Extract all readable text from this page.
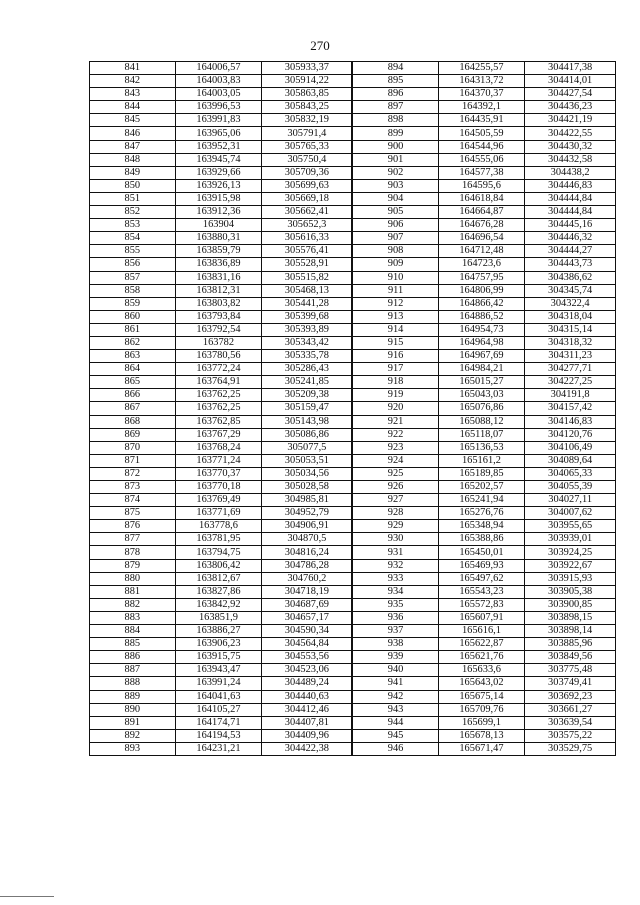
270
841	164006,57	305933,37	894	164255,57	304417,38
842	164003,83	305914,22	895	164313,72	304414,01
843	164003,05	305863,85	896	164370,37	304427,54
844	163996,53	305843,25	897	164392,1	304436,23
845	163991,83	305832,19	898	164435,91	304421,19
846	163965,06	305791,4	899	164505,59	304422,55
847	163952,31	305765,33	900	164544,96	304430,32
848	163945,74	305750,4	901	164555,06	304432,58
849	163929,66	305709,36	902	164577,38	304438,2
850	163926,13	305699,63	903	164595,6	304446,83
851	163915,98	305669,18	904	164618,84	304444,84
852	163912,36	305662,41	905	164664,87	304444,84
853	163904	305652,3	906	164676,28	304445,16
854	163880,31	305616,33	907	164696,54	304446,32
855	163859,79	305576,41	908	164712,48	304444,27
856	163836,89	305528,91	909	164723,6	304443,73
857	163831,16	305515,82	910	164757,95	304386,62
858	163812,31	305468,13	911	164806,99	304345,74
859	163803,82	305441,28	912	164866,42	304322,4
860	163793,84	305399,68	913	164886,52	304318,04
861	163792,54	305393,89	914	164954,73	304315,14
862	163782	305343,42	915	164964,98	304318,32
863	163780,56	305335,78	916	164967,69	304311,23
864	163772,24	305286,43	917	164984,21	304277,71
865	163764,91	305241,85	918	165015,27	304227,25
866	163762,25	305209,38	919	165043,03	304191,8
867	163762,25	305159,47	920	165076,86	304157,42
868	163762,85	305143,98	921	165088,12	304146,83
869	163767,29	305086,86	922	165118,07	304120,76
870	163768,24	305077,5	923	165136,53	304106,49
871	163771,24	305053,51	924	165161,2	304089,64
872	163770,37	305034,56	925	165189,85	304065,33
873	163770,18	305028,58	926	165202,57	304055,39
874	163769,49	304985,81	927	165241,94	304027,11
875	163771,69	304952,79	928	165276,76	304007,62
876	163778,6	304906,91	929	165348,94	303955,65
877	163781,95	304870,5	930	165388,86	303939,01
878	163794,75	304816,24	931	165450,01	303924,25
879	163806,42	304786,28	932	165469,93	303922,67
880	163812,67	304760,2	933	165497,62	303915,93
881	163827,86	304718,19	934	165543,23	303905,38
882	163842,92	304687,69	935	165572,83	303900,85
883	163851,9	304657,17	936	165607,91	303898,15
884	163886,27	304590,34	937	165616,1	303898,14
885	163906,23	304564,84	938	165622,87	303885,96
886	163915,75	304553,56	939	165621,76	303849,56
887	163943,47	304523,06	940	165633,6	303775,48
888	163991,24	304489,24	941	165643,02	303749,41
889	164041,63	304440,63	942	165675,14	303692,23
890	164105,27	304412,46	943	165709,76	303661,27
891	164174,71	304407,81	944	165699,1	303639,54
892	164194,53	304409,96	945	165678,13	303575,22
893	164231,21	304422,38	946	165671,47	303529,75
